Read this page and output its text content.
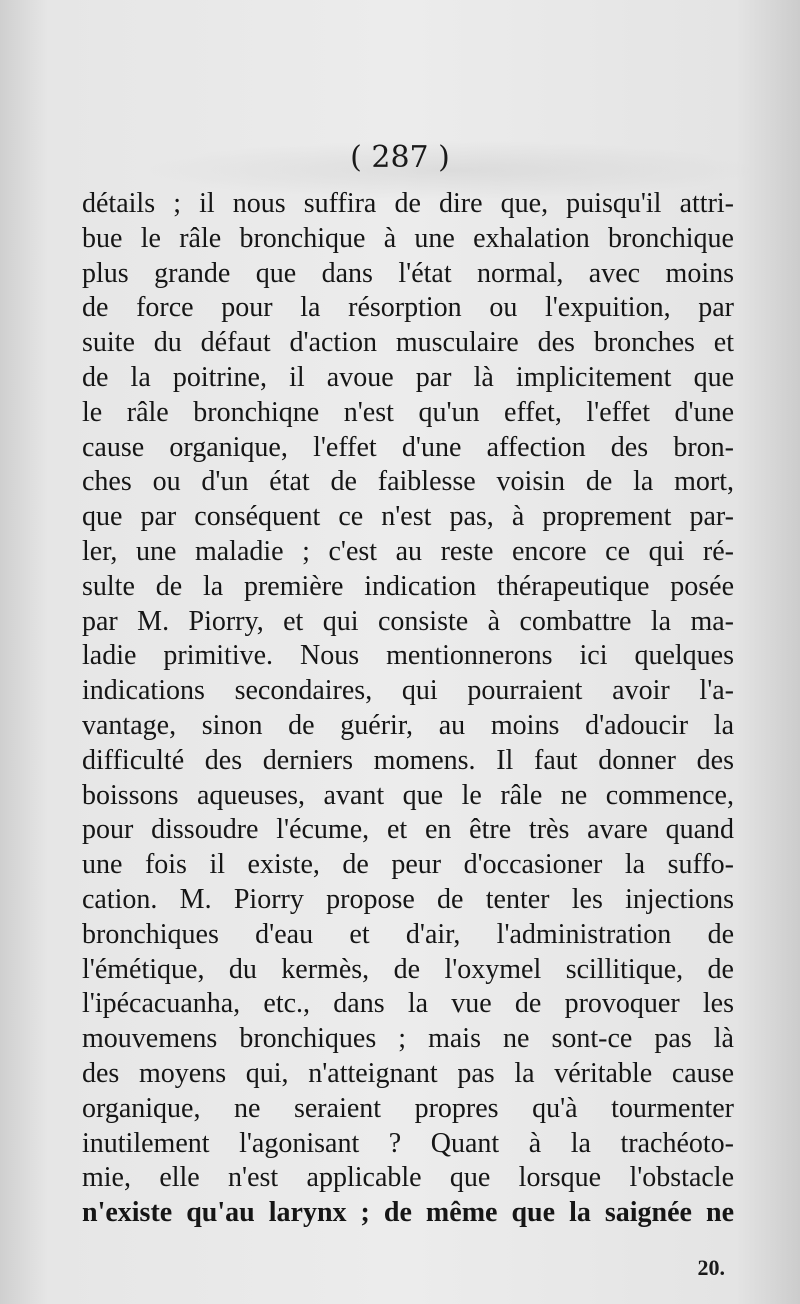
( 287 )
détails ; il nous suffira de dire que, puisqu'il attri-
bue le râle bronchique à une exhalation bronchique
plus grande que dans l'état normal, avec moins
de force pour la résorption ou l'expuition, par
suite du défaut d'action musculaire des bronches et
de la poitrine, il avoue par là implicitement que
le râle bronchiqne n'est qu'un effet, l'effet d'une
cause organique, l'effet d'une affection des bron-
ches ou d'un état de faiblesse voisin de la mort,
que par conséquent ce n'est pas, à proprement par-
ler, une maladie ; c'est au reste encore ce qui ré-
sulte de la première indication thérapeutique posée
par M. Piorry, et qui consiste à combattre la ma-
ladie primitive. Nous mentionnerons ici quelques
indications secondaires, qui pourraient avoir l'a-
vantage, sinon de guérir, au moins d'adoucir la
difficulté des derniers momens. Il faut donner des
boissons aqueuses, avant que le râle ne commence,
pour dissoudre l'écume, et en être très avare quand
une fois il existe, de peur d'occasioner la suffo-
cation. M. Piorry propose de tenter les injections
bronchiques d'eau et d'air, l'administration de
l'émétique, du kermès, de l'oxymel scillitique, de
l'ipécacuanha, etc., dans la vue de provoquer les
mouvemens bronchiques ; mais ne sont-ce pas là
des moyens qui, n'atteignant pas la véritable cause
organique, ne seraient propres qu'à tourmenter
inutilement l'agonisant ? Quant à la trachéoto-
mie, elle n'est applicable que lorsque l'obstacle
n'existe qu'au larynx ; de même que la saignée ne
20.
